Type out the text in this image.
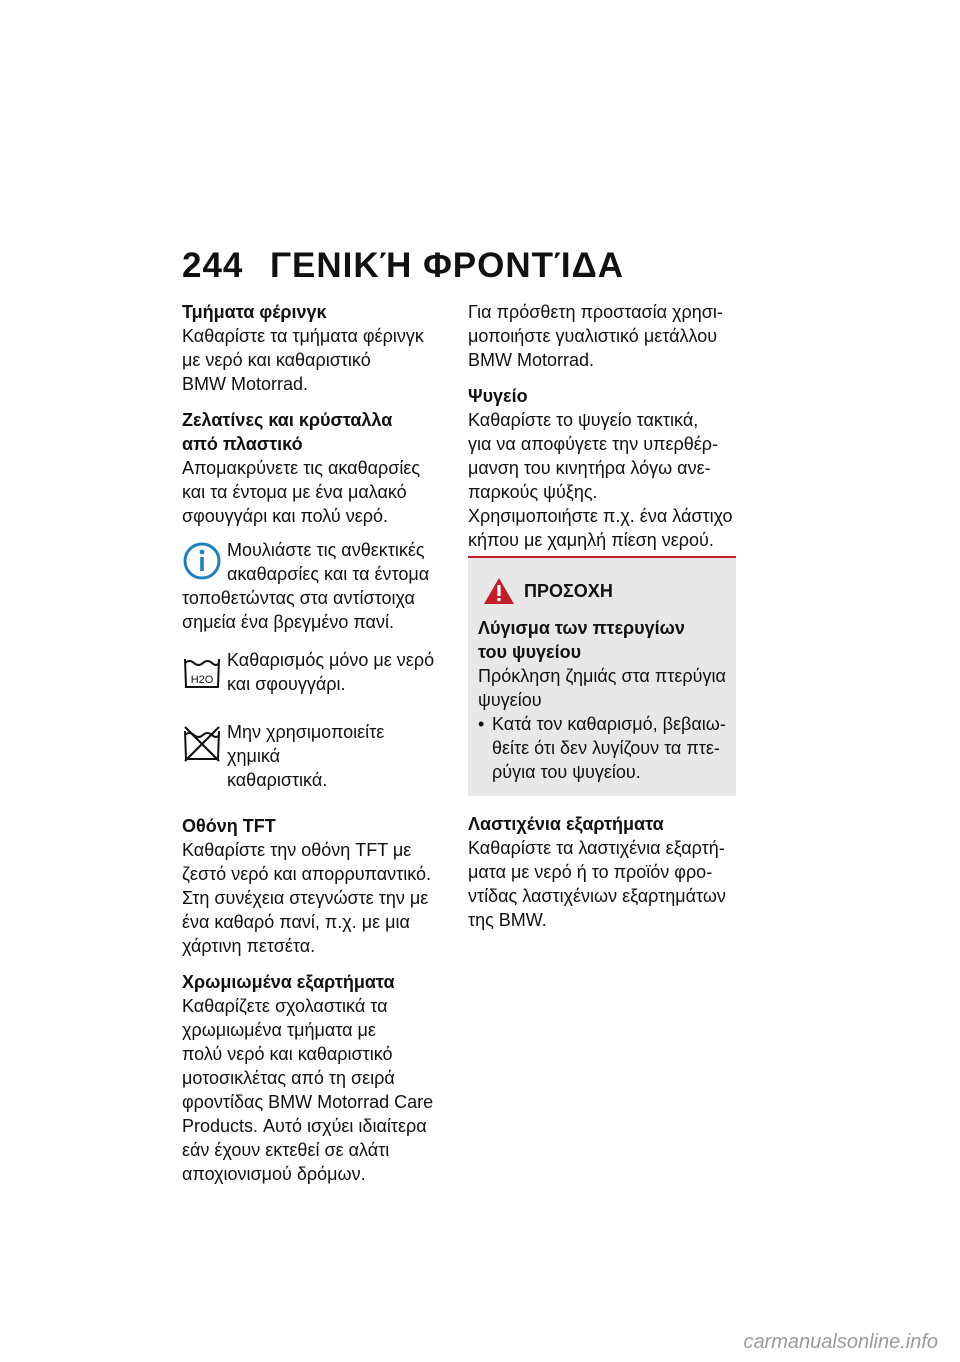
244 ΓΕΝΙΚΉ ΦΡΟΝΤΊΔΑ

Τμήματα φέρινγκ

Καθαρίστε τα τμήματα φέρινγκ
με νερό και καθαριστικό
BMW Motorrad.

Ζελατίνες και κρύσταλλα
από πλαστικό

Απομακρύνετε τις ακαθαρσίες
και τα έντομα με ένα μαλακό
σφουγγάρι και πολύ νερό.

Μουλιάστε τις ανθεκτικές
ακαθαρσίες και τα έντομα
τοποθετώντας στα αντίστοιχα
σημεία ένα βρεγμένο πανί.
H2O
Καθαρισμός μόνο με νερό
και σφουγγάρι.
Μην χρησιμοποιείτε χημικά
καθαριστικά.

Οθόνη TFT

Καθαρίστε την οθόνη TFT με
ζεστό νερό και απορρυπαντικό.
Στη συνέχεια στεγνώστε την με
ένα καθαρό πανί, π.χ. με μια
χάρτινη πετσέτα.

Χρωμιωμένα εξαρτήματα

Καθαρίζετε σχολαστικά τα
χρωμιωμένα τμήματα με
πολύ νερό και καθαριστικό
μοτοσικλέτας από τη σειρά
φροντίδας BMW Motorrad Care
Products. Αυτό ισχύει ιδιαίτερα
εάν έχουν εκτεθεί σε αλάτι
αποχιονισμού δρόμων.

Για πρόσθετη προστασία χρησι-
μοποιήστε γυαλιστικό μετάλλου
BMW Motorrad.

Ψυγείο

Καθαρίστε το ψυγείο τακτικά,
για να αποφύγετε την υπερθέρ-
μανση του κινητήρα λόγω ανε-
παρκούς ψύξης.
Χρησιμοποιήστε π.χ. ένα λάστιχο
κήπου με χαμηλή πίεση νερού.

ΠΡΟΣΟΧΗ

Λύγισμα των πτερυγίων
του ψυγείου

Πρόκληση ζημιάς στα πτερύγια
ψυγείου

• Κατά τον καθαρισμό, βεβαιω-
θείτε ότι δεν λυγίζουν τα πτε-
ρύγια του ψυγείου.

Λαστιχένια εξαρτήματα

Καθαρίστε τα λαστιχένια εξαρτή-
ματα με νερό ή το προϊόν φρο-
ντίδας λαστιχένιων εξαρτημάτων
της BMW.

carmanualsonline.info
